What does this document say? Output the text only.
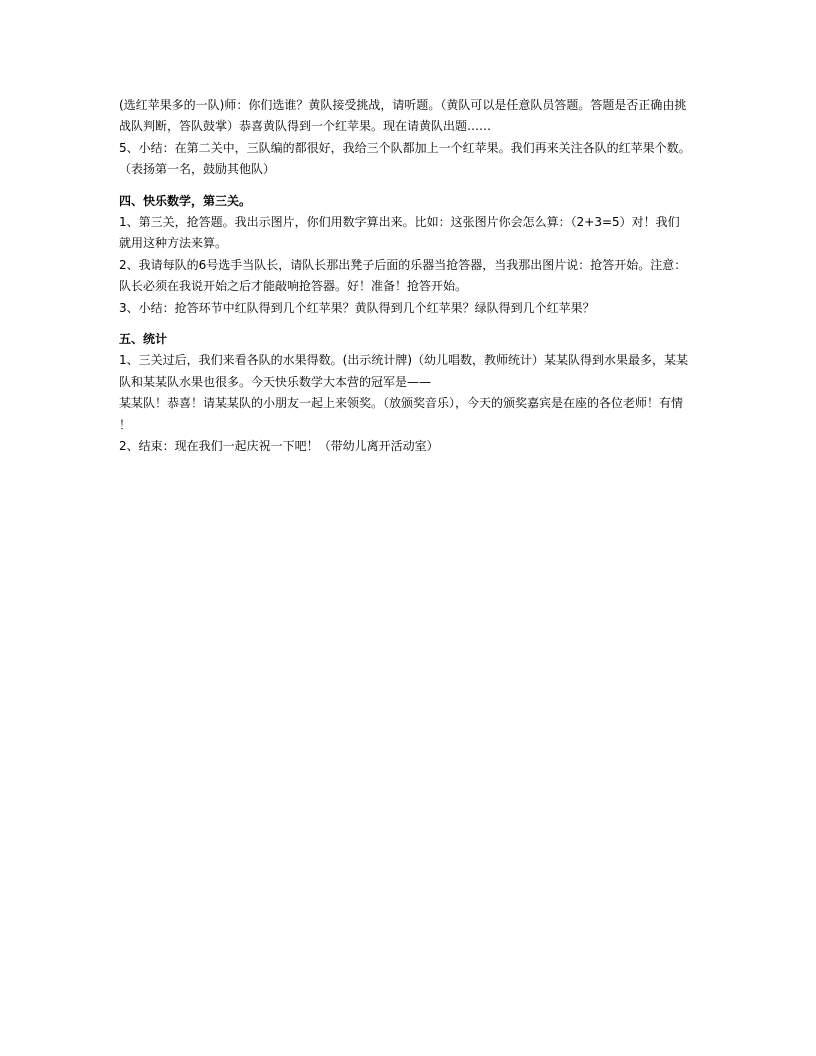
(选红苹果多的一队)师：你们选谁？黄队接受挑战，请听题。（黄队可以是任意队员答题。答题是否正确由挑
战队判断，答队鼓掌）恭喜黄队得到一个红苹果。现在请黄队出题……
5、小结：在第二关中，三队编的都很好，我给三个队都加上一个红苹果。我们再来关注各队的红苹果个数。
（表扬第一名，鼓励其他队）
四、快乐数学，第三关。
1、第三关，抢答题。我出示图片，你们用数字算出来。比如：这张图片你会怎么算：（2+3=5）对！我们
就用这种方法来算。
2、我请每队的6号选手当队长，请队长那出凳子后面的乐器当抢答器，当我那出图片说：抢答开始。注意：
队长必须在我说开始之后才能敲响抢答器。好！准备！抢答开始。
3、小结：抢答环节中红队得到几个红苹果？黄队得到几个红苹果？绿队得到几个红苹果？
五、统计
1、三关过后，我们来看各队的水果得数。(出示统计牌)（幼儿唱数，教师统计）某某队得到水果最多，某某
队和某某队水果也很多。今天快乐数学大本营的冠军是——
某某队！恭喜！请某某队的小朋友一起上来领奖。（放颁奖音乐），今天的颁奖嘉宾是在座的各位老师！有情
！
2、结束：现在我们一起庆祝一下吧！（带幼儿离开活动室）
